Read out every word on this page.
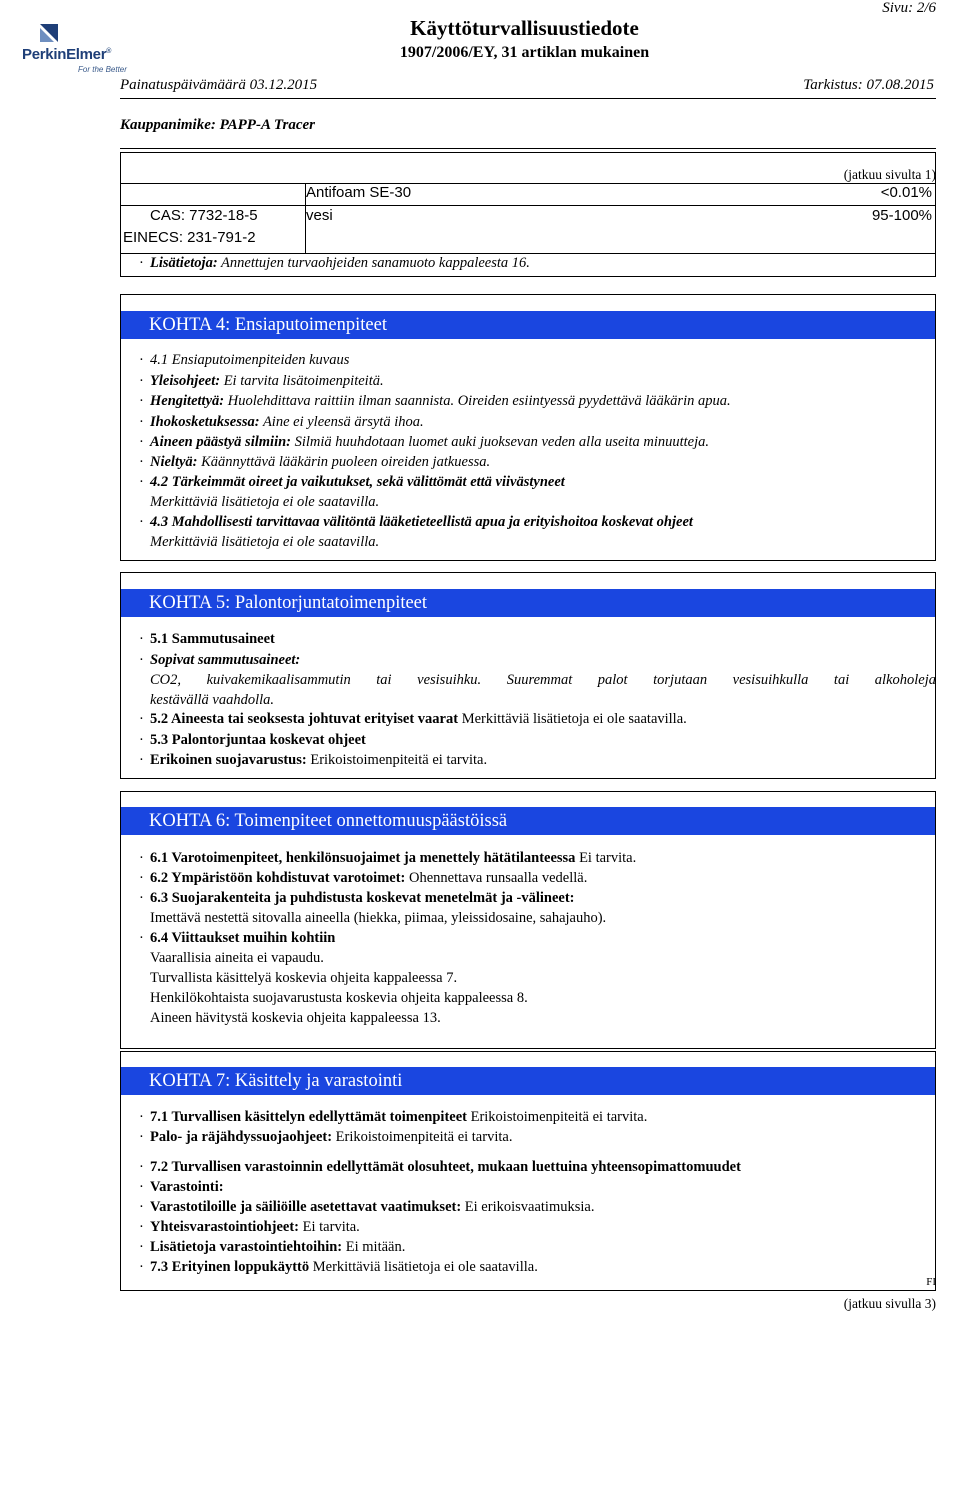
PerkinElmer®
For the Better
Käyttöturvallisuustiedote
1907/2006/EY, 31 artiklan mukainen
Sivu: 2/6
Painatuspäivämäärä 03.12.2015	Tarkistus: 07.08.2015
Kauppanimike: PAPP-A Tracer
(jatkuu sivulta 1)
Antifoam SE-30	<0.01%
CAS: 7732-18-5
EINECS: 231-791-2
vesi	95-100%
· Lisätietoja: Annettujen turvaohjeiden sanamuoto kappaleesta 16.
KOHTA 4: Ensiaputoimenpiteet
· 4.1 Ensiaputoimenpiteiden kuvaus
· Yleisohjeet: Ei tarvita lisätoimenpiteitä.
· Hengitettyä: Huolehdittava raittiin ilman saannista. Oireiden esiintyessä pyydettävä lääkärin apua.
· Ihokosketuksessa: Aine ei yleensä ärsytä ihoa.
· Aineen päästyä silmiin: Silmiä huuhdotaan luomet auki juoksevan veden alla useita minuutteja.
· Nieltyä: Käännyttävä lääkärin puoleen oireiden jatkuessa.
· 4.2 Tärkeimmät oireet ja vaikutukset, sekä välittömät että viivästyneet
Merkittäviä lisätietoja ei ole saatavilla.
· 4.3 Mahdollisesti tarvittavaa välitöntä lääketieteellistä apua ja erityishoitoa koskevat ohjeet
Merkittäviä lisätietoja ei ole saatavilla.
KOHTA 5: Palontorjuntatoimenpiteet
· 5.1 Sammutusaineet
· Sopivat sammutusaineet:
CO2, kuivakemikaalisammutin tai vesisuihku. Suuremmat palot torjutaan vesisuihkulla tai alkoholeja
kestävällä vaahdolla.
· 5.2 Aineesta tai seoksesta johtuvat erityiset vaarat Merkittäviä lisätietoja ei ole saatavilla.
· 5.3 Palontorjuntaa koskevat ohjeet
· Erikoinen suojavarustus: Erikoistoimenpiteitä ei tarvita.
KOHTA 6: Toimenpiteet onnettomuuspäästöissä
· 6.1 Varotoimenpiteet, henkilönsuojaimet ja menettely hätätilanteessa Ei tarvita.
· 6.2 Ympäristöön kohdistuvat varotoimet: Ohennettava runsaalla vedellä.
· 6.3 Suojarakenteita ja puhdistusta koskevat menetelmät ja -välineet:
Imettävä nestettä sitovalla aineella (hiekka, piimaa, yleissidosaine, sahajauho).
· 6.4 Viittaukset muihin kohtiin
Vaarallisia aineita ei vapaudu.
Turvallista käsittelyä koskevia ohjeita kappaleessa 7.
Henkilökohtaista suojavarustusta koskevia ohjeita kappaleessa 8.
Aineen hävitystä koskevia ohjeita kappaleessa 13.
KOHTA 7: Käsittely ja varastointi
· 7.1 Turvallisen käsittelyn edellyttämät toimenpiteet Erikoistoimenpiteitä ei tarvita.
· Palo- ja räjähdyssuojaohjeet: Erikoistoimenpiteitä ei tarvita.
· 7.2 Turvallisen varastoinnin edellyttämät olosuhteet, mukaan luettuina yhteensopimattomuudet
· Varastointi:
· Varastotiloille ja säiliöille asetettavat vaatimukset: Ei erikoisvaatimuksia.
· Yhteisvarastointiohjeet: Ei tarvita.
· Lisätietoja varastointiehtoihin: Ei mitään.
· 7.3 Erityinen loppukäyttö Merkittäviä lisätietoja ei ole saatavilla.
FI
(jatkuu sivulla 3)
